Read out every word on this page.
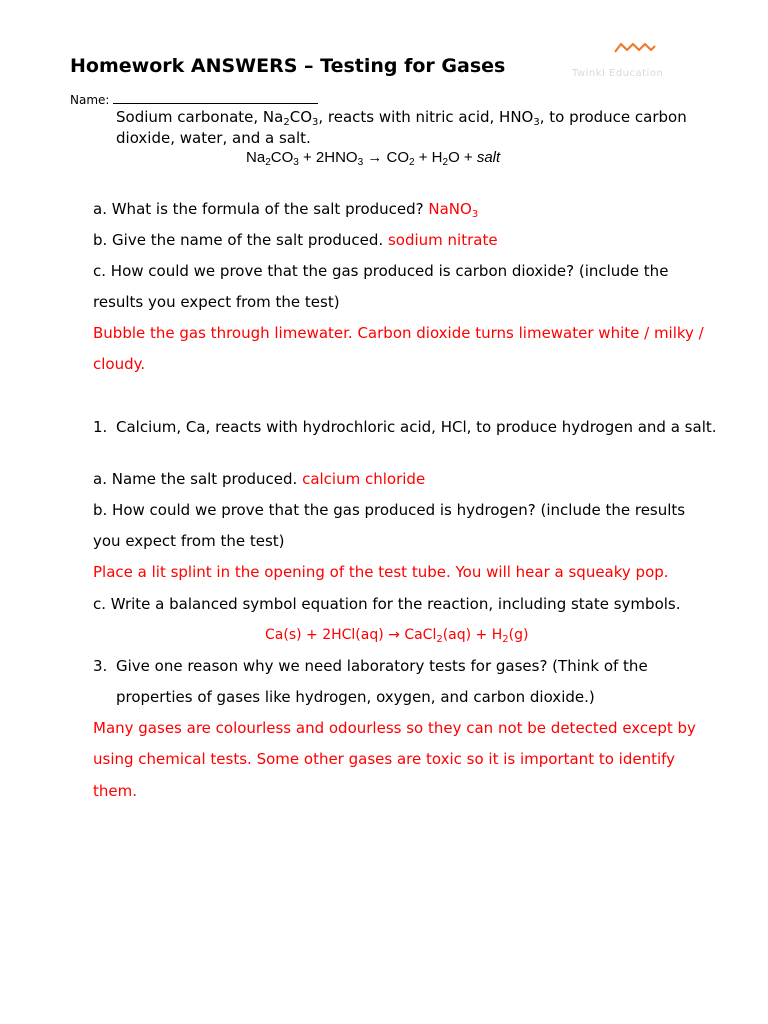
Twinkl Education
Homework ANSWERS – Testing for Gases
Name:
Sodium carbonate, $Na_2CO_3$, reacts with nitric acid, $HNO_3$, to produce carbon
dioxide, water, and a salt.
$Na_2CO_3 + 2HNO_3 \to CO_2 + H_2O$ + salt
a. What is the formula of the salt produced? NaNO$_3$
b. Give the name of the salt produced. sodium nitrate
c. How could we prove that the gas produced is carbon dioxide? (include the
results you expect from the test)
Bubble the gas through limewater. Carbon dioxide turns limewater white / milky /
cloudy.
1. Calcium, Ca, reacts with hydrochloric acid, HCl, to produce hydrogen and a salt.
a. Name the salt produced. calcium chloride
b. How could we prove that the gas produced is hydrogen? (include the results
you expect from the test)
Place a lit splint in the opening of the test tube. You will hear a squeaky pop.
c. Write a balanced symbol equation for the reaction, including state symbols.
Ca(s) + 2HCl(aq) → CaCl$_2$(aq) + $H_2(g)$
3. Give one reason why we need laboratory tests for gases? (Think of the
properties of gases like hydrogen, oxygen, and carbon dioxide.)
Many gases are colourless and odourless so they can not be detected except by
using chemical tests. Some other gases are toxic so it is important to identify
them.
